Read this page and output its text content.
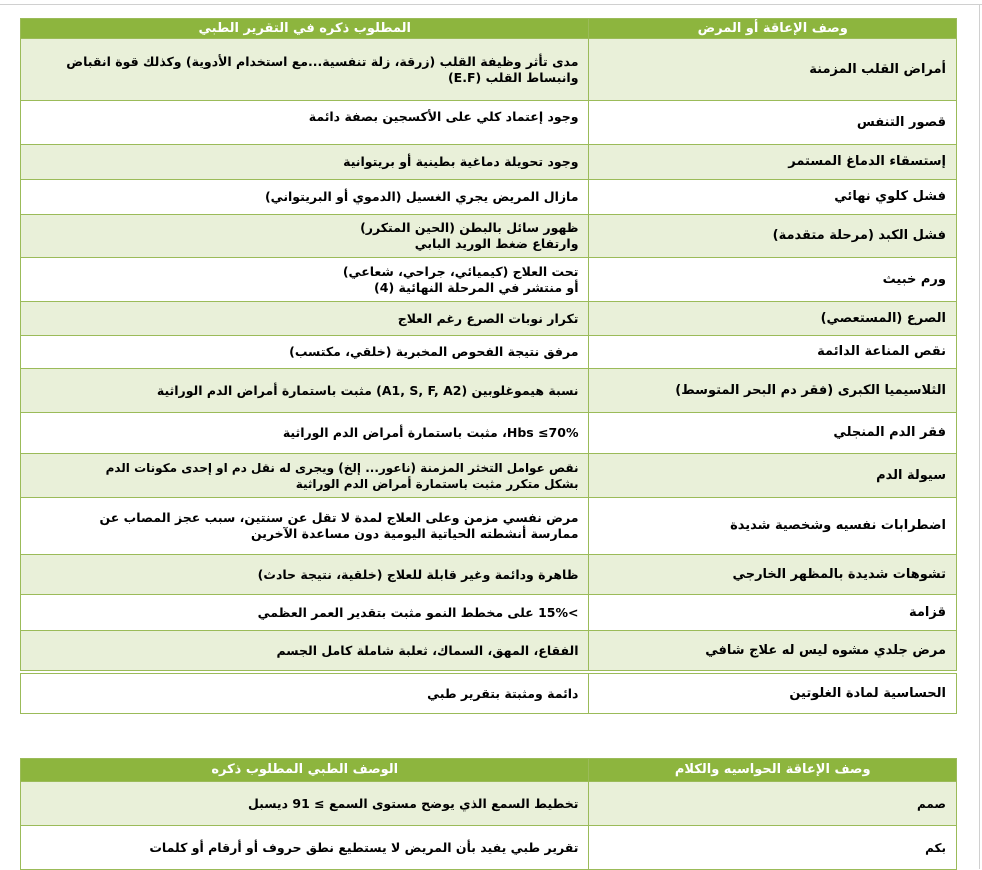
وصف الإعاقة أو المرض	المطلوب ذكره في التقرير الطبي
أمراض القلب المزمنة	مدى تأثر وظيفة القلب (زرقة، زلة تنفسية...مع استخدام الأدوية) وكذلك قوة انقباض
وانبساط القلب (E.F)
قصور التنفس	وجود إعتماد كلي على الأكسجين بصفة دائمة
إستسقاء الدماغ المستمر	وجود تحويلة دماغية بطينية أو بريتوانية
فشل كلوي نهائي	مازال المريض يجري الغسيل (الدموي أو البريتواني)
فشل الكبد (مرحلة متقدمة)	ظهور سائل بالبطن (الحين المتكرر)
وارتفاع ضغط الوريد البابي
ورم خبيث	تحت العلاج (كيميائي، جراحي، شعاعي)
أو منتشر في المرحلة النهائية (4)
الصرع (المستعصي)	تكرار نوبات الصرع رغم العلاج
نقص المناعة الدائمة	مرفق نتيجة الفحوص المخبرية (خلقي، مكتسب)
الثلاسيميا الكبرى (فقر دم البحر المتوسط)	نسبة هيموغلوبين (A1, S, F, A2) مثبت باستمارة أمراض الدم الوراثية
فقر الدم المنجلي	Hbs ≤70%، مثبت باستمارة أمراض الدم الوراثية
سيولة الدم	نقص عوامل التخثر المزمنة (ناعور... إلخ) ويجرى له نقل دم او إحدى مكونات الدم
بشكل متكرر مثبت باستمارة أمراض الدم الوراثية
اضطرابات نفسيه وشخصية شديدة	مرض نفسي مزمن وعلى العلاج لمدة لا تقل عن سنتين، سبب عجز المصاب عن
ممارسة أنشطته الحياتية اليومية دون مساعدة الآخرين
تشوهات شديدة بالمظهر الخارجي	ظاهرة ودائمة وغير قابلة للعلاج (خلقية، نتيجة حادث)
قزامة	>15% على مخطط النمو مثبت بتقدير العمر العظمي
مرض جلدي مشوه ليس له علاج شافي	الفقاع، المهق، السماك، ثعلبة شاملة كامل الجسم

الحساسية لمادة الغلوتين	دائمة ومثبتة بتقرير طبي
وصف الإعاقة الحواسيه والكلام	الوصف الطبي المطلوب ذكره
صمم	تخطيط السمع الذي يوضح مستوى السمع ≥ 91 ديسبل
بكم	تقرير طبي يفيد بأن المريض لا يستطيع نطق حروف أو أرقام أو كلمات
